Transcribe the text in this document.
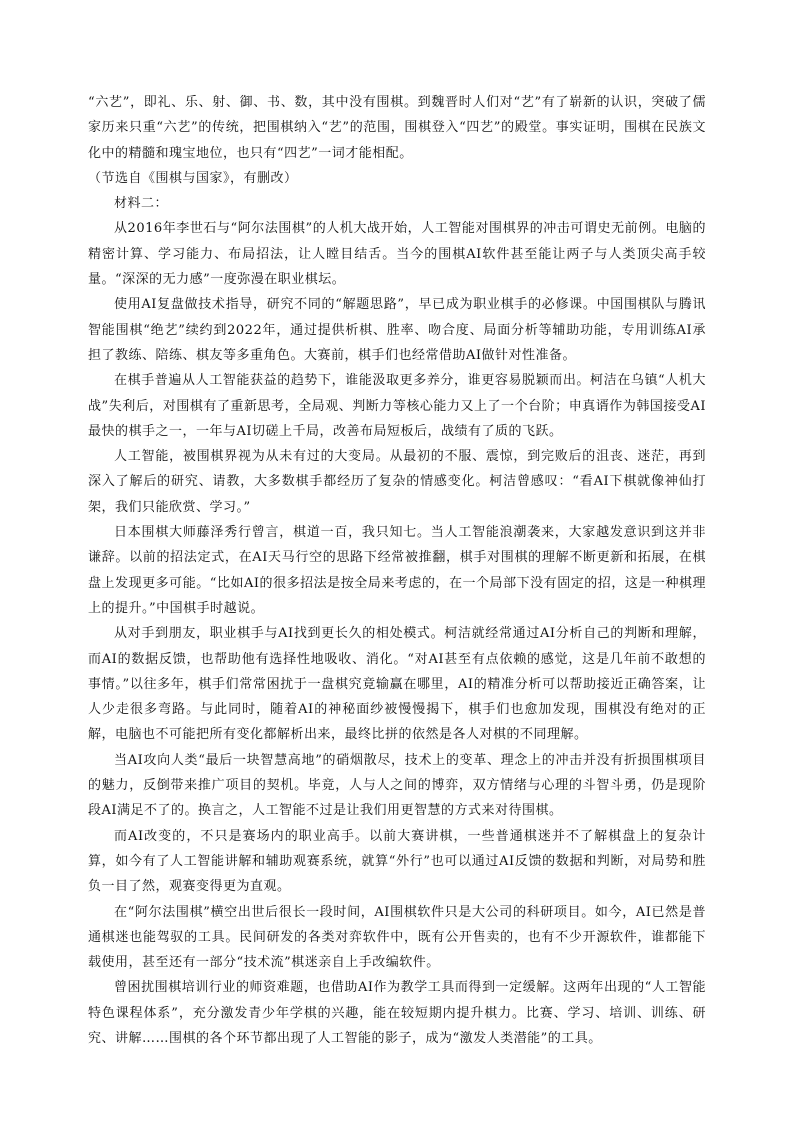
“六艺”，即礼、乐、射、御、书、数，其中没有围棋。到魏晋时人们对“艺”有了崭新的认识，突破了儒家历来只重“六艺”的传统，把围棋纳入“艺”的范围，围棋登入“四艺”的殿堂。事实证明，围棋在民族文化中的精髓和瑰宝地位，也只有“四艺”一词才能相配。

（节选自《围棋与国家》，有删改）

材料二：

从2016年李世石与“阿尔法围棋”的人机大战开始，人工智能对围棋界的冲击可谓史无前例。电脑的精密计算、学习能力、布局招法，让人瞠目结舌。当今的围棋AI软件甚至能让两子与人类顶尖高手较量。“深深的无力感”一度弥漫在职业棋坛。

使用AI复盘做技术指导，研究不同的“解题思路”，早已成为职业棋手的必修课。中国围棋队与腾讯智能围棋“绝艺”续约到2022年，通过提供析棋、胜率、吻合度、局面分析等辅助功能，专用训练AI承担了教练、陪练、棋友等多重角色。大赛前，棋手们也经常借助AI做针对性准备。

在棋手普遍从人工智能获益的趋势下，谁能汲取更多养分，谁更容易脱颖而出。柯洁在乌镇“人机大战”失利后，对围棋有了重新思考，全局观、判断力等核心能力又上了一个台阶；申真谞作为韩国接受AI最快的棋手之一，一年与AI切磋上千局，改善布局短板后，战绩有了质的飞跃。

人工智能，被围棋界视为从未有过的大变局。从最初的不服、震惊，到完败后的沮丧、迷茫，再到深入了解后的研究、请教，大多数棋手都经历了复杂的情感变化。柯洁曾感叹：“看AI下棋就像神仙打架，我们只能欣赏、学习。”

日本围棋大师藤泽秀行曾言，棋道一百，我只知七。当人工智能浪潮袭来，大家越发意识到这并非谦辞。以前的招法定式，在AI天马行空的思路下经常被推翻，棋手对围棋的理解不断更新和拓展，在棋盘上发现更多可能。“比如AI的很多招法是按全局来考虑的，在一个局部下没有固定的招，这是一种棋理上的提升。”中国棋手时越说。

从对手到朋友，职业棋手与AI找到更长久的相处模式。柯洁就经常通过AI分析自己的判断和理解，而AI的数据反馈，也帮助他有选择性地吸收、消化。“对AI甚至有点依赖的感觉，这是几年前不敢想的事情。”以往多年，棋手们常常困扰于一盘棋究竟输赢在哪里，AI的精准分析可以帮助接近正确答案，让人少走很多弯路。与此同时，随着AI的神秘面纱被慢慢揭下，棋手们也愈加发现，围棋没有绝对的正解，电脑也不可能把所有变化都解析出来，最终比拼的依然是各人对棋的不同理解。

当AI攻向人类“最后一块智慧高地”的硝烟散尽，技术上的变革、理念上的冲击并没有折损围棋项目的魅力，反倒带来推广项目的契机。毕竟，人与人之间的博弈，双方情绪与心理的斗智斗勇，仍是现阶段AI满足不了的。换言之，人工智能不过是让我们用更智慧的方式来对待围棋。

而AI改变的，不只是赛场内的职业高手。以前大赛讲棋，一些普通棋迷并不了解棋盘上的复杂计算，如今有了人工智能讲解和辅助观赛系统，就算“外行”也可以通过AI反馈的数据和判断，对局势和胜负一目了然，观赛变得更为直观。

在“阿尔法围棋”横空出世后很长一段时间，AI围棋软件只是大公司的科研项目。如今，AI已然是普通棋迷也能驾驭的工具。民间研发的各类对弈软件中，既有公开售卖的，也有不少开源软件，谁都能下载使用，甚至还有一部分“技术流”棋迷亲自上手改编软件。

曾困扰围棋培训行业的师资难题，也借助AI作为教学工具而得到一定缓解。这两年出现的“人工智能特色课程体系”，充分激发青少年学棋的兴趣，能在较短期内提升棋力。比赛、学习、培训、训练、研究、讲解……围棋的各个环节都出现了人工智能的影子，成为“激发人类潜能”的工具。
